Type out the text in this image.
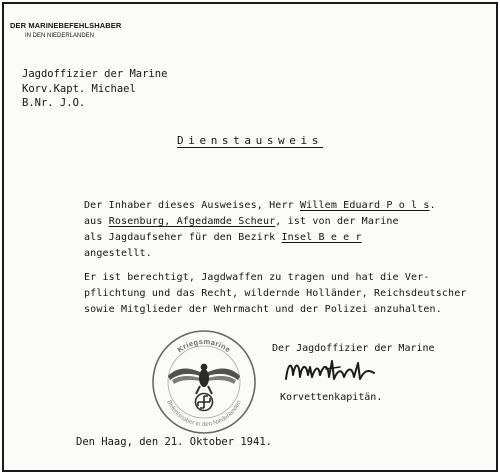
DER MARINEBEFEHLSHABER
IN DEN NIEDERLANDEN
Jagdoffizier der Marine
Korv.Kapt. Michael
B.Nr. J.O.
Dienstausweis
Der Inhaber dieses Ausweises, Herr Willem Eduard P o l s.
aus Rosenburg, Afgedamde Scheur, ist von der Marine
als Jagdaufseher für den Bezirk Insel B e e r
angestellt.
Er ist berechtigt, Jagdwaffen zu tragen und hat die Ver-
pflichtung und das Recht, wildernde Holländer, Reichsdeutscher
sowie Mitglieder der Wehrmacht und der Polizei anzuhalten.
Der Jagdoffizier der Marine
Kriegsmarine
Befehlshaber in den Niederlanden	Korvettenkapitän.
Den Haag, den 21. Oktober 1941.
